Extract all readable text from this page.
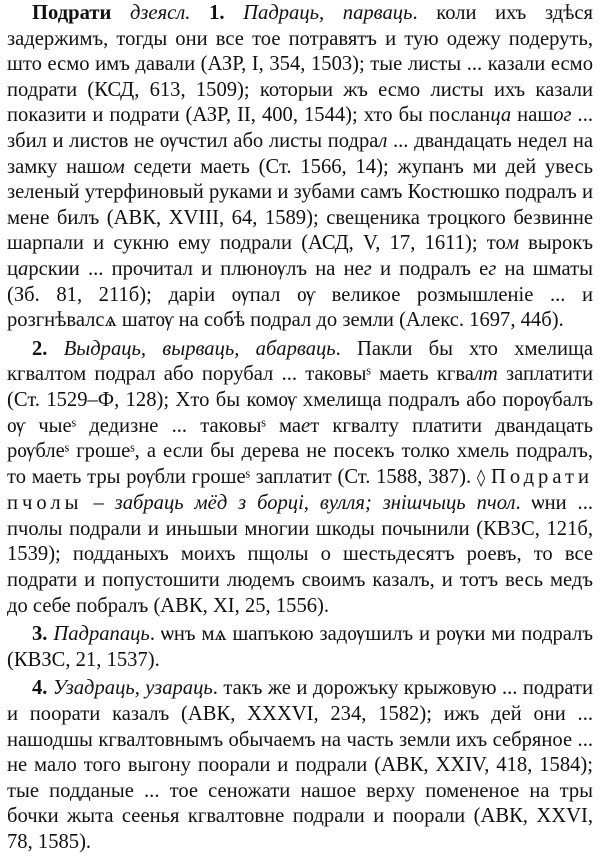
Подрати дзеясл. 1. Падраць, парваць. коли ихъ здѣся задержимъ, тогды они все тое потравятъ и тую одежу подеруть, што есмо имъ давали (АЗР, I, 354, 1503); тые листы ... казали есмо подрати (КСД, 613, 1509); которыи жъ есмо листы ихъ казали показити и подрати (АЗР, II, 400, 1544); хто бы посланца нашог ... збил и листов не ѹчстил або листы подрал ... двандацать недел на замку нашом седети маеть (Ст. 1566, 14); жупанъ ми дей увесь зеленый утерфиновый руками и зубами самъ Костюшко подралъ и мене билъ (АВК, XVIII, 64, 1589); свещеника троцкого безвинне шарпали и сукню ему подрали (АСД, V, 17, 1611); том вырокъ царскии ... прочитал и плюнѹлъ на нег и подралъ ег на шматы (Зб. 81, 211б); даріи ѹпал ѹ великое розмышленіе ... и розгнѣвалсѧ шатѹ на собѣ подрал до земли (Алекс. 1697, 44б).

2. Выдраць, вырваць, абарваць. Пакли бы хто хмелища кгвалтом подрал або порубал ... таковыˢ маеть кгвалт заплатити (Ст. 1529–Ф, 128); Хто бы комѹ хмелища подралъ або порѹбалъ ѹ чыеˢ дедизне ... таковыˢ мает кгвалту платити двандацать рѹблеˢ грошеˢ, а если бы дерева не посекъ толко хмель подралъ, то маеть тры рѹбли грошеˢ заплатит (Ст. 1588, 387). ◊ Подрати пчолы – забраць мёд з борці, вулля; знішчыць пчол. ѡни ... пчолы подрали и иньшыи многии шкоды почынили (КВЗС, 121б, 1539); подданыхъ моихъ пщолы о шестьдесятъ роевъ, то все подрати и попустошити людемъ своимъ казалъ, и тотъ весь медъ до себе побралъ (АВК, XI, 25, 1556).

3. Падрапаць. ѡнъ мѧ шапъкою задѹшилъ и рѹки ми подралъ (КВЗС, 21, 1537).

4. Узадраць, узараць. такъ же и дорожъку крыжовую ... подрати и поорати казалъ (АВК, XXXVI, 234, 1582); ижъ дей они ... нашодшы кгвалтовнымъ обычаемъ на часть земли ихъ себряное ... не мало того выгону поорали и подрали (АВК, XXIV, 418, 1584); тые подданые ... тое сеножати нашое верху помененое на тры бочки жыта сеенья кгвалтовне подрали и поорали (АВК, XXVI, 78, 1585).
